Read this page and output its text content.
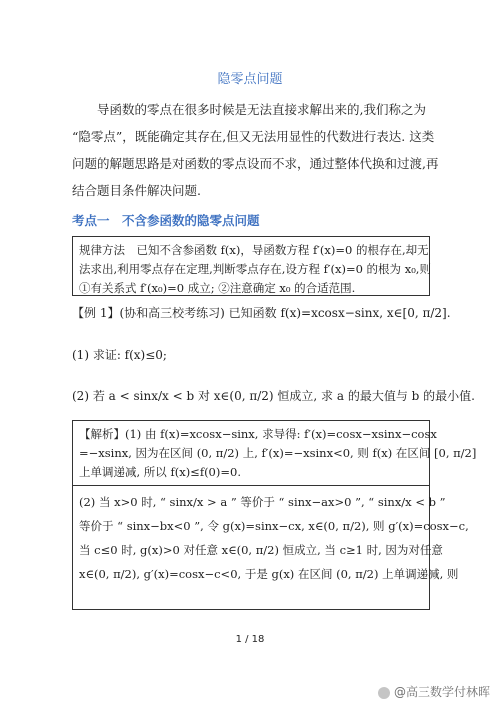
隐零点问题
　　导函数的零点在很多时候是无法直接求解出来的,我们称之为
“隐零点”，既能确定其存在,但又无法用显性的代数进行表达. 这类
问题的解题思路是对函数的零点设而不求，通过整体代换和过渡,再
结合题目条件解决问题.
考点一　不含参函数的隐零点问题
规律方法　已知不含参函数 f(x)，导函数方程 f′(x)=0 的根存在,却无
法求出,利用零点存在定理,判断零点存在,设方程 f′(x)=0 的根为 x₀,则
①有关系式 f′(x₀)=0 成立; ②注意确定 x₀ 的合适范围.
【例 1】(协和高三校考练习) 已知函数 f(x)=xcosx−sinx, x∈[0, π/2].
(1) 求证: f(x)≤0;
(2) 若 a < sinx/x < b 对 x∈(0, π/2) 恒成立, 求 a 的最大值与 b 的最小值.
【解析】(1) 由 f(x)=xcosx−sinx, 求导得: f′(x)=cosx−xsinx−cosx
=−xsinx, 因为在区间 (0, π/2) 上, f′(x)=−xsinx<0, 则 f(x) 在区间 [0, π/2]
上单调递减, 所以 f(x)≤f(0)=0.
(2) 当 x>0 时, “ sinx/x > a ” 等价于 “ sinx−ax>0 ”, “ sinx/x < b ”
等价于 “ sinx−bx<0 ”, 令 g(x)=sinx−cx, x∈(0, π/2), 则 g′(x)=cosx−c,
当 c≤0 时, g(x)>0 对任意 x∈(0, π/2) 恒成立, 当 c≥1 时, 因为对任意
x∈(0, π/2), g′(x)=cosx−c<0, 于是 g(x) 在区间 (0, π/2) 上单调递减, 则
1 / 18
@高三数学付林晖
